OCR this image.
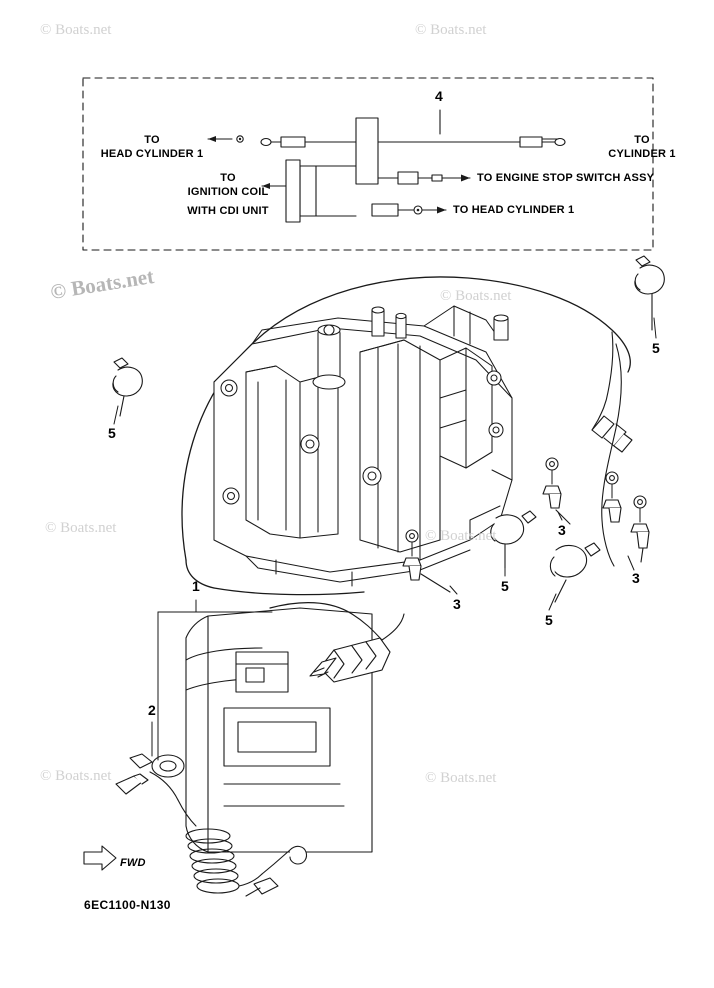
© Boats.net	© Boats.net
© Boats.net	© Boats.net
© Boats.net	© Boats.net
© Boats.net	© Boats.net
4
TO
HEAD CYLINDER 1
TO
CYLINDER 1
TO
IGNITION COIL
WITH CDI UNIT
TO ENGINE STOP SWITCH ASSY
TO HEAD CYLINDER 1
5
5
3
3
5
3
5
1
2
FWD
6EC1100-N130
